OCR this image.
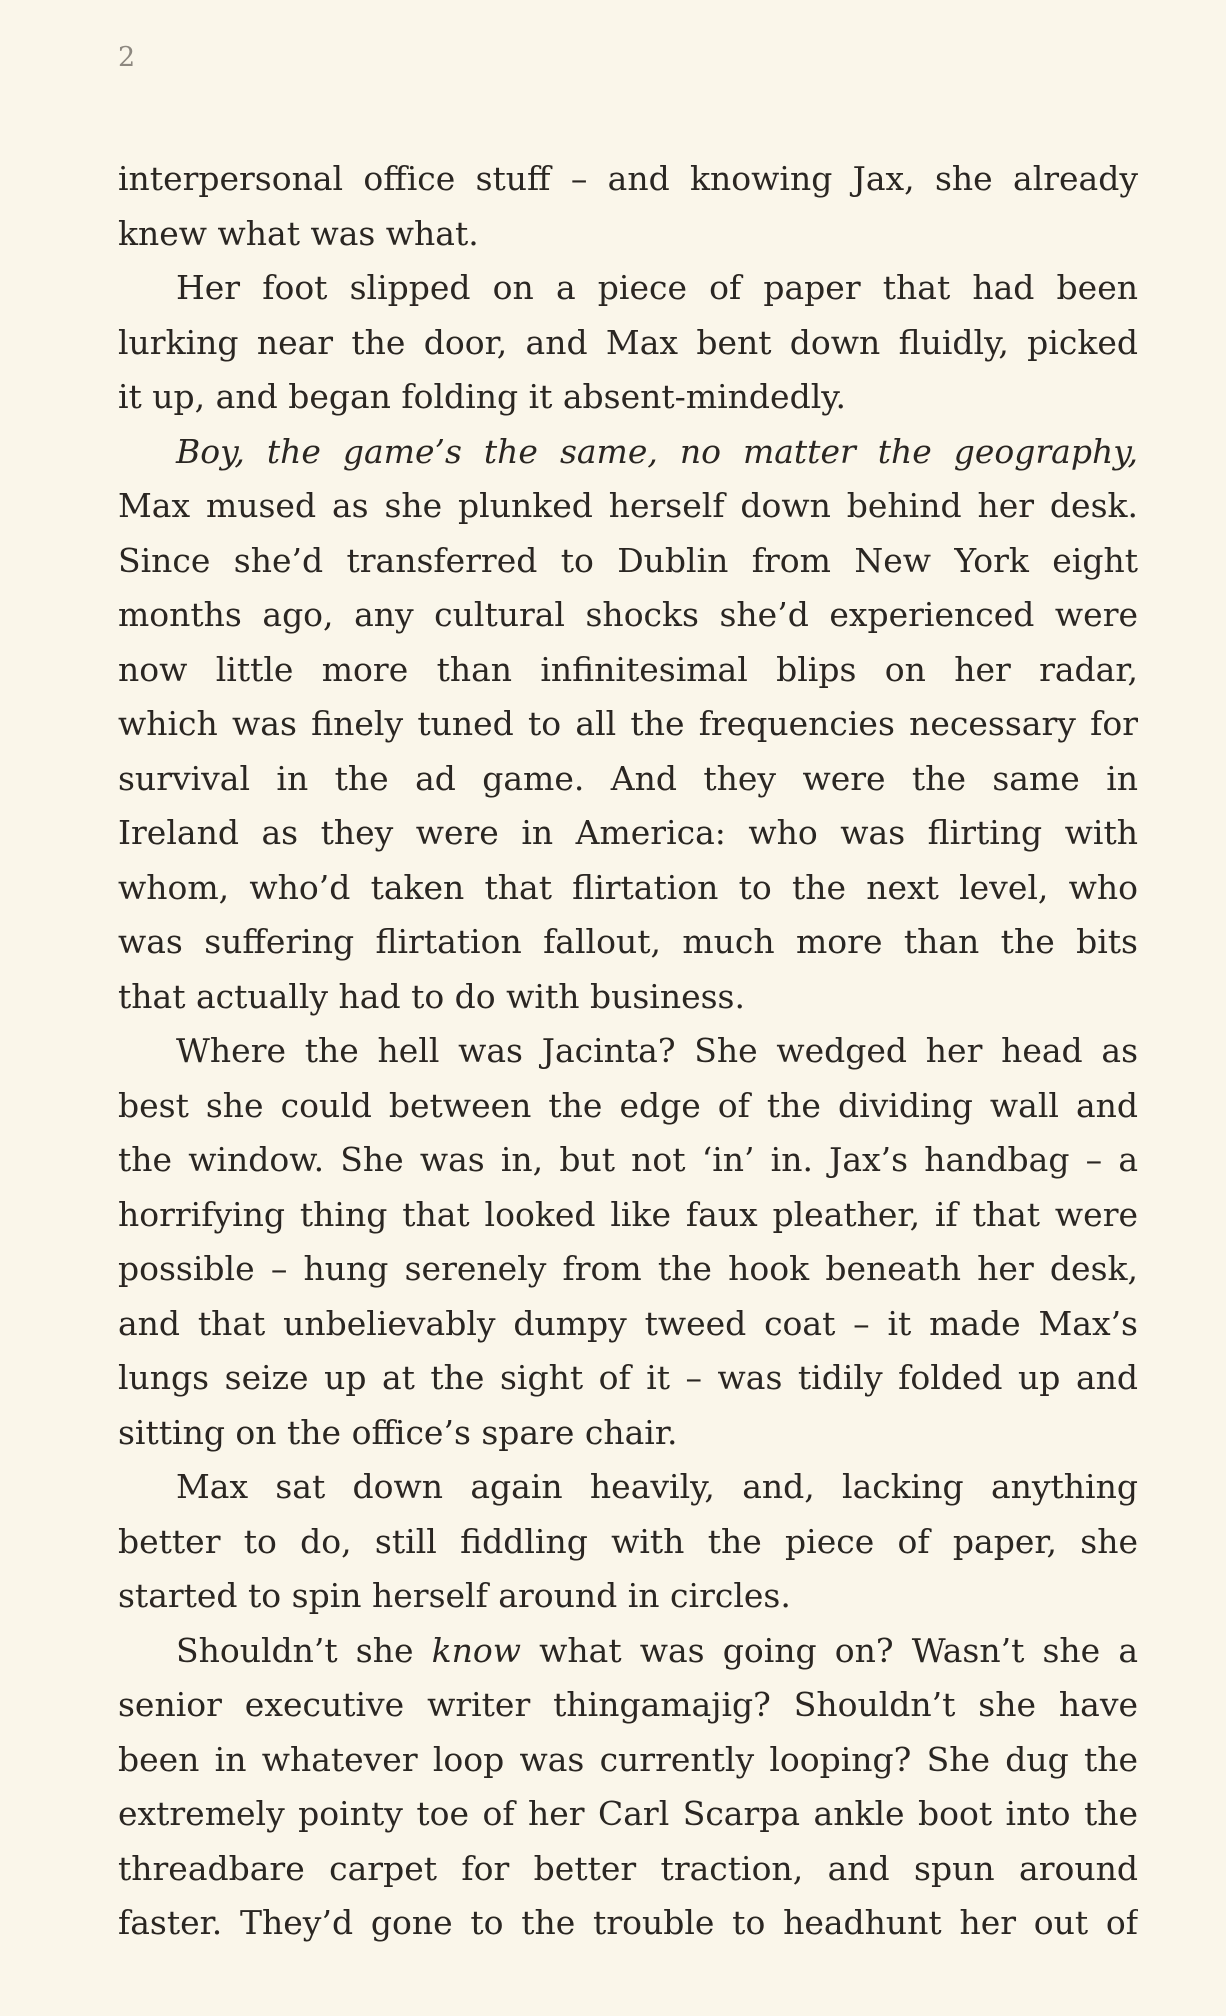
2
interpersonal office stuff – and knowing Jax, she already
knew what was what.
Her foot slipped on a piece of paper that had been
lurking near the door, and Max bent down fluidly, picked
it up, and began folding it absent-mindedly.
Boy, the game’s the same, no matter the geography,
Max mused as she plunked herself down behind her desk.
Since she’d transferred to Dublin from New York eight
months ago, any cultural shocks she’d experienced were
now little more than infinitesimal blips on her radar,
which was finely tuned to all the frequencies necessary for
survival in the ad game. And they were the same in
Ireland as they were in America: who was flirting with
whom, who’d taken that flirtation to the next level, who
was suffering flirtation fallout, much more than the bits
that actually had to do with business.
Where the hell was Jacinta? She wedged her head as
best she could between the edge of the dividing wall and
the window. She was in, but not ‘in’ in. Jax’s handbag – a
horrifying thing that looked like faux pleather, if that were
possible – hung serenely from the hook beneath her desk,
and that unbelievably dumpy tweed coat – it made Max’s
lungs seize up at the sight of it – was tidily folded up and
sitting on the office’s spare chair.
Max sat down again heavily, and, lacking anything
better to do, still fiddling with the piece of paper, she
started to spin herself around in circles.
Shouldn’t she know what was going on? Wasn’t she a
senior executive writer thingamajig? Shouldn’t she have
been in whatever loop was currently looping? She dug the
extremely pointy toe of her Carl Scarpa ankle boot into the
threadbare carpet for better traction, and spun around
faster. They’d gone to the trouble to headhunt her out of
